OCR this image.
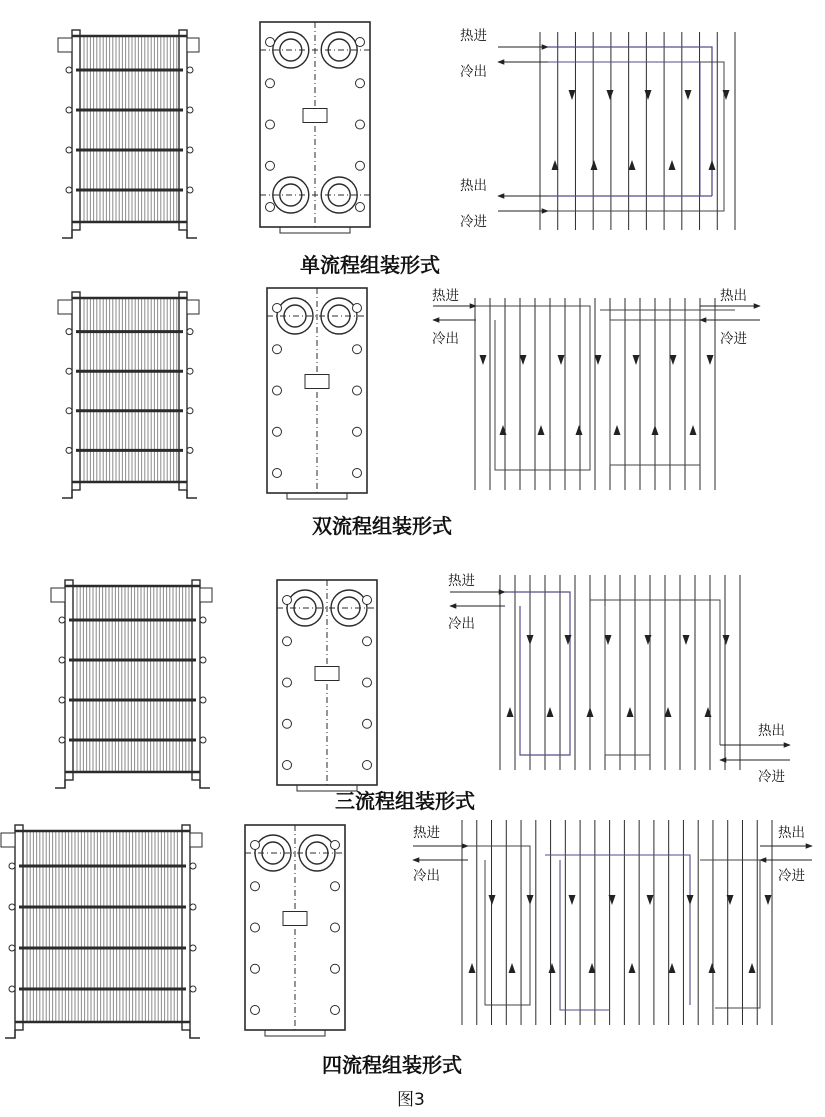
热进
冷出
热出
冷进
单流程组装形式
热进
冷出
热出
冷进
双流程组装形式
热进
冷出
热出
冷进
三流程组装形式
热进
冷出
热出
冷进
四流程组装形式
图3
